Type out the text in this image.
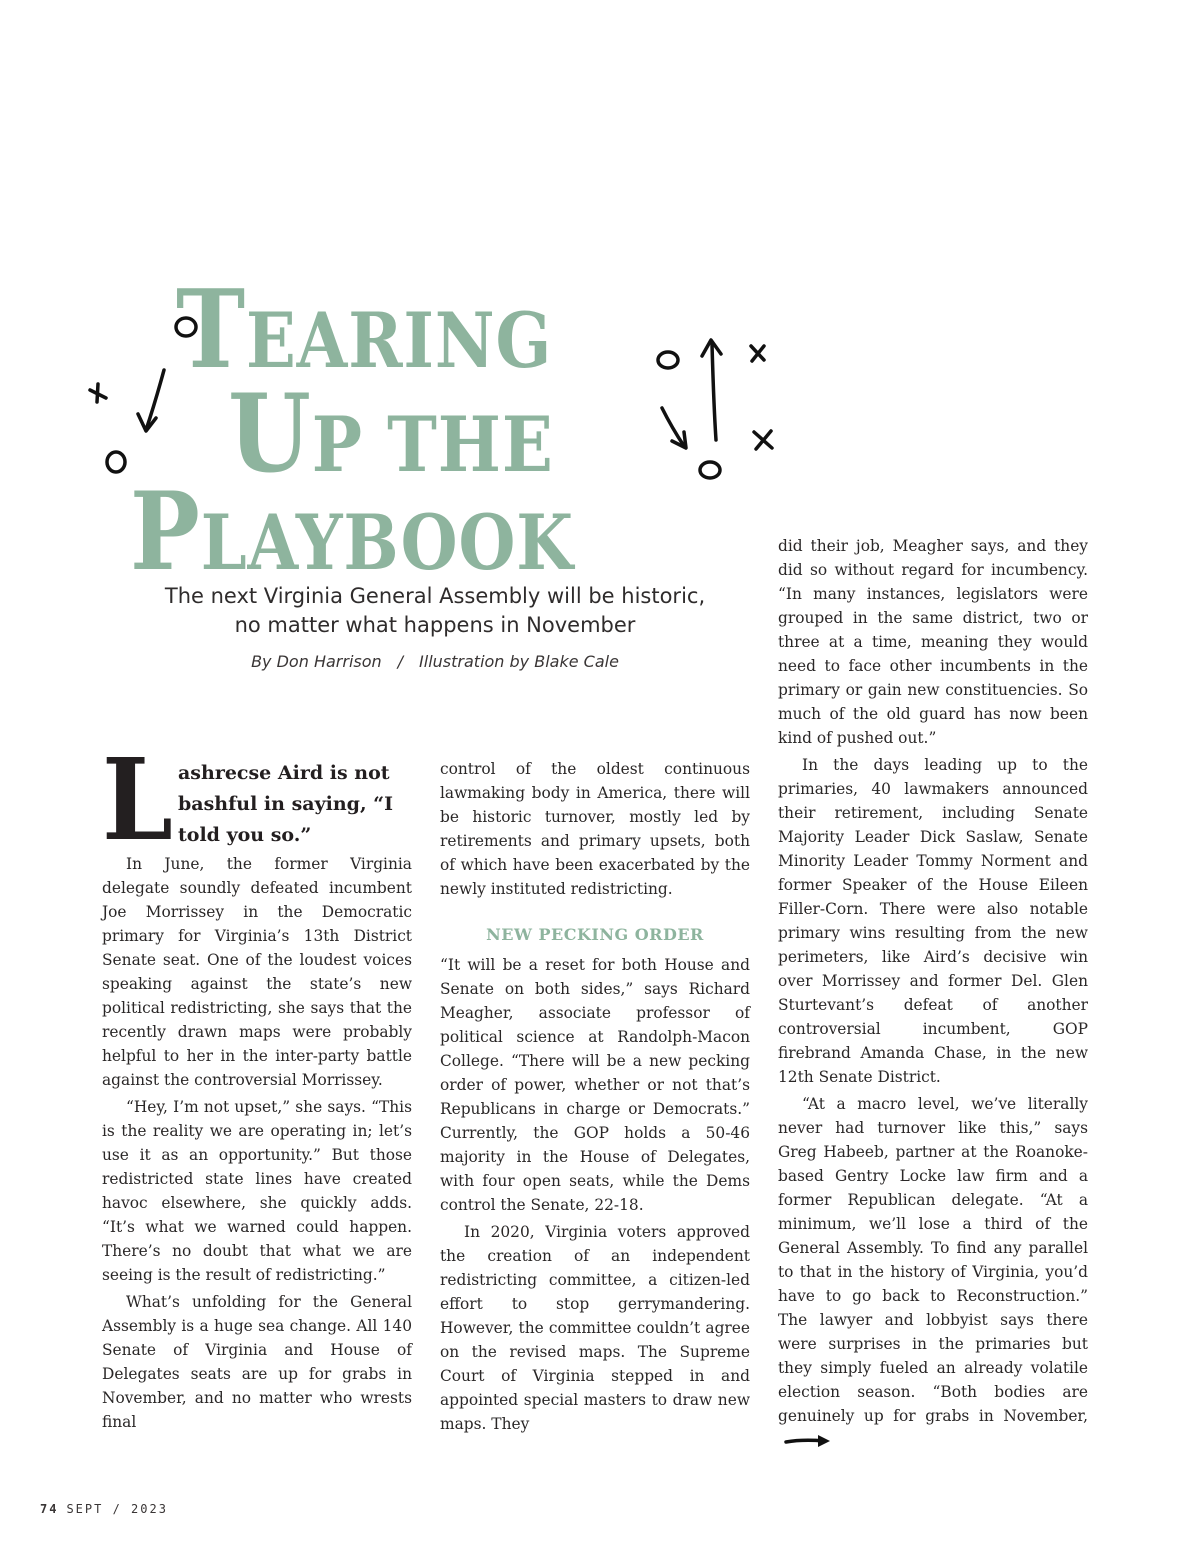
TEARING
UP THE
PLAYBOOK
The next Virginia General Assembly will be historic,
no matter what happens in November
By Don Harrison / Illustration by Blake Cale
L ashrecse Aird is not bashful in saying, “I told you so.”

In June, the former Virginia delegate soundly defeated incumbent Joe Morrissey in the Democratic primary for Virginia’s 13th District Senate seat. One of the loudest voices speaking against the state’s new political redistricting, she says that the recently drawn maps were probably helpful to her in the inter-party battle against the controversial Morrissey.

“Hey, I’m not upset,” she says. “This is the reality we are operating in; let’s use it as an opportunity.” But those redistricted state lines have created havoc elsewhere, she quickly adds. “It’s what we warned could happen. There’s no doubt that what we are seeing is the result of redistricting.”

What’s unfolding for the General Assembly is a huge sea change. All 140 Senate of Virginia and House of Delegates seats are up for grabs in November, and no matter who wrests final

control of the oldest continuous lawmaking body in America, there will be historic turnover, mostly led by retirements and primary upsets, both of which have been exacerbated by the newly instituted redistricting.

NEW PECKING ORDER

“It will be a reset for both House and Senate on both sides,” says Richard Meagher, associate professor of political science at Randolph-Macon College. “There will be a new pecking order of power, whether or not that’s Republicans in charge or Democrats.” Currently, the GOP holds a 50-46 majority in the House of Delegates, with four open seats, while the Dems control the Senate, 22-18.

In 2020, Virginia voters approved the creation of an independent redistricting committee, a citizen-led effort to stop gerrymandering. However, the committee couldn’t agree on the revised maps. The Supreme Court of Virginia stepped in and appointed special masters to draw new maps. They

did their job, Meagher says, and they did so without regard for incumbency. “In many instances, legislators were grouped in the same district, two or three at a time, meaning they would need to face other incumbents in the primary or gain new constituencies. So much of the old guard has now been kind of pushed out.”

In the days leading up to the primaries, 40 lawmakers announced their retirement, including Senate Majority Leader Dick Saslaw, Senate Minority Leader Tommy Norment and former Speaker of the House Eileen Filler-Corn. There were also notable primary wins resulting from the new perimeters, like Aird’s decisive win over Morrissey and former Del. Glen Sturtevant’s defeat of another controversial incumbent, GOP firebrand Amanda Chase, in the new 12th Senate District.

“At a macro level, we’ve literally never had turnover like this,” says Greg Habeeb, partner at the Roanoke-based Gentry Locke law firm and a former Republican delegate. “At a minimum, we’ll lose a third of the General Assembly. To find any parallel to that in the history of Virginia, you’d have to go back to Reconstruction.” The lawyer and lobbyist says there were surprises in the primaries but they simply fueled an already volatile election season. “Both bodies are genuinely up for grabs in November,

74 SEPT / 2023
